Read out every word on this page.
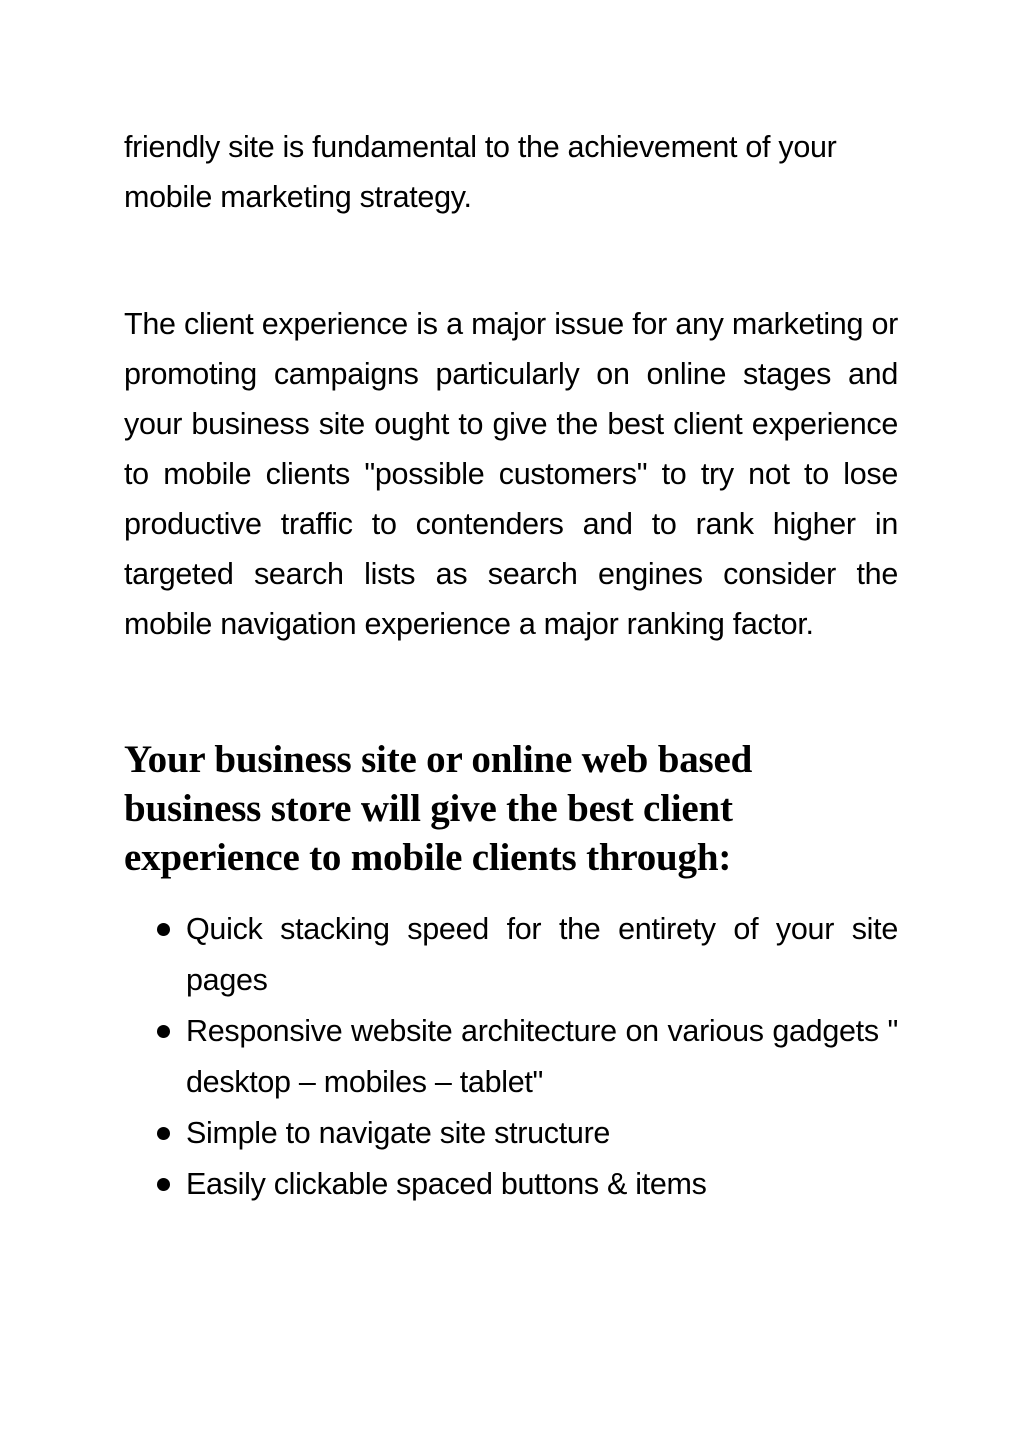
friendly site is fundamental to the achievement of your mobile marketing strategy.

The client experience is a major issue for any marketing or promoting campaigns particularly on online stages and your business site ought to give the best client experience to mobile clients "possible customers" to try not to lose productive traffic to contenders and to rank higher in targeted search lists as search engines consider the mobile navigation experience a major ranking factor.

Your business site or online web based business store will give the best client experience to mobile clients through:
Quick stacking speed for the entirety of your site pages
Responsive website architecture on various gadgets " desktop – mobiles – tablet"
Simple to navigate site structure
Easily clickable spaced buttons & items
